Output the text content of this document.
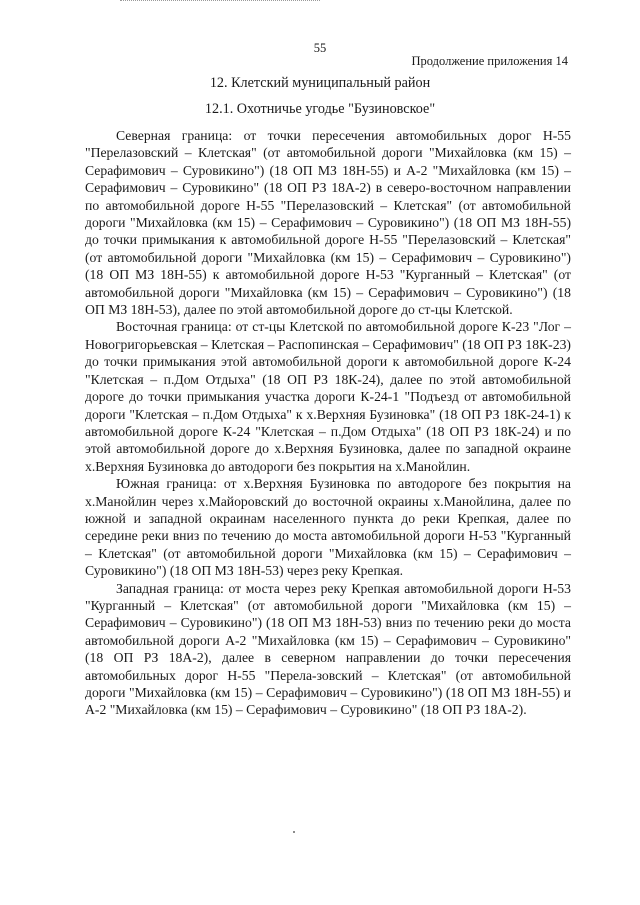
55
Продолжение приложения 14
12. Клетский муниципальный район
12.1. Охотничье угодье "Бузиновское"

Северная граница: от точки пересечения автомобильных дорог Н-55 "Перелазовский – Клетская" (от автомобильной дороги "Михайловка (км 15) – Серафимович – Суровикино") (18 ОП МЗ 18Н-55) и А-2 "Михайловка (км 15) – Серафимович – Суровикино" (18 ОП РЗ 18А-2) в северо-восточном направлении по автомобильной дороге Н-55 "Перелазовский – Клетская" (от автомобильной дороги "Михайловка (км 15) – Серафимович – Суровикино") (18 ОП МЗ 18Н-55) до точки примыкания к автомобильной дороге Н-55 "Перелазовский – Клетская" (от автомобильной дороги "Михайловка (км 15) – Серафимович – Суровикино") (18 ОП МЗ 18Н-55) к автомобильной дороге Н-53 "Курганный – Клетская" (от автомобильной дороги "Михайловка (км 15) – Серафимович – Суровикино") (18 ОП МЗ 18Н-53), далее по этой автомобильной дороге до ст-цы Клетской.

Восточная граница: от ст-цы Клетской по автомобильной дороге К-23 "Лог – Новогригорьевская – Клетская – Распопинская – Серафимович" (18 ОП РЗ 18К-23) до точки примыкания этой автомобильной дороги к автомобильной дороге К-24 "Клетская – п.Дом Отдыха" (18 ОП РЗ 18К-24), далее по этой автомобильной дороге до точки примыкания участка дороги К-24-1 "Подъезд от автомобильной дороги "Клетская – п.Дом Отдыха" к х.Верхняя Бузиновка" (18 ОП РЗ 18К-24-1) к автомобильной дороге К-24 "Клетская – п.Дом Отдыха" (18 ОП РЗ 18К-24) и по этой автомобильной дороге до х.Верхняя Бузиновка, далее по западной окраине х.Верхняя Бузиновка до автодороги без покрытия на х.Манойлин.

Южная граница: от х.Верхняя Бузиновка по автодороге без покрытия на х.Манойлин через х.Майоровский до восточной окраины х.Манойлина, далее по южной и западной окраинам населенного пункта до реки Крепкая, далее по середине реки вниз по течению до моста автомобильной дороги Н-53 "Курганный – Клетская" (от автомобильной дороги "Михайловка (км 15) – Серафимович – Суровикино") (18 ОП МЗ 18Н-53) через реку Крепкая.

Западная граница: от моста через реку Крепкая автомобильной дороги Н-53 "Курганный – Клетская" (от автомобильной дороги "Михайловка (км 15) – Серафимович – Суровикино") (18 ОП МЗ 18Н-53) вниз по течению реки до моста автомобильной дороги А-2 "Михайловка (км 15) – Серафимович – Суровикино" (18 ОП РЗ 18А-2), далее в северном направлении до точки пересечения автомобильных дорог Н-55 "Перела-зовский – Клетская" (от автомобильной дороги "Михайловка (км 15) – Серафимович – Суровикино") (18 ОП МЗ 18Н-55) и А-2 "Михайловка (км 15) – Серафимович – Суровикино" (18 ОП РЗ 18А-2).
